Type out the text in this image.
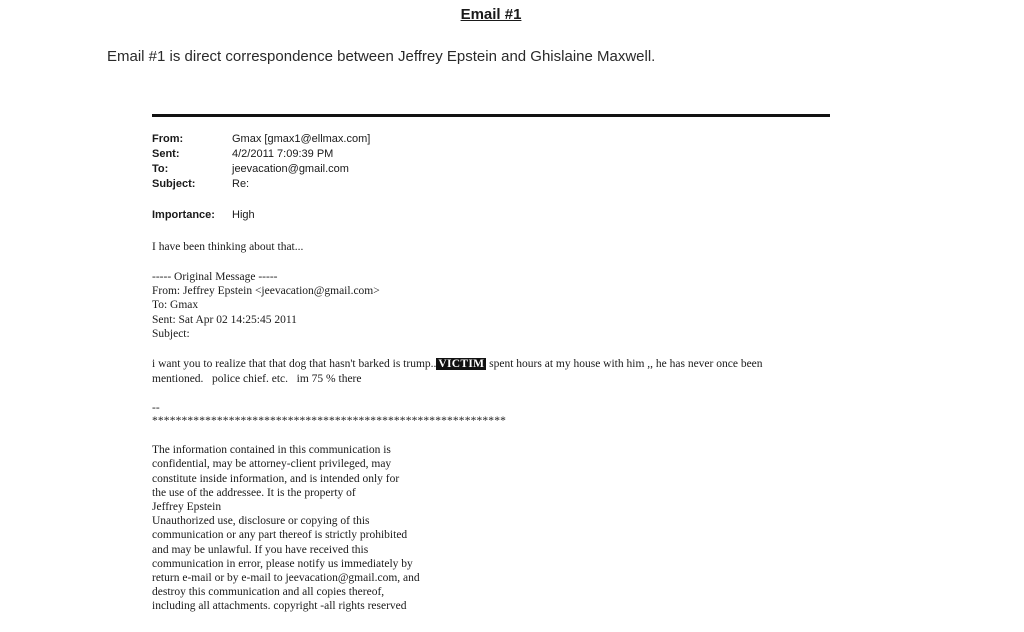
Email #1
Email #1 is direct correspondence between Jeffrey Epstein and Ghislaine Maxwell.
From:	Gmax [gmax1@ellmax.com]
Sent:	4/2/2011 7:09:39 PM
To:	jeevacation@gmail.com
Subject:	Re:
Importance: High
I have been thinking about that...
----- Original Message -----
From: Jeffrey Epstein <jeevacation@gmail.com>
To: Gmax
Sent: Sat Apr 02 14:25:45 2011
Subject:
i want you to realize that that dog that hasn't barked is trump.. VICTIM spent hours at my house with him ,, he has never once been
mentioned.   police chief. etc.   im 75 % there
--
************************************************************

The information contained in this communication is
confidential, may be attorney-client privileged, may
constitute inside information, and is intended only for
the use of the addressee. It is the property of
Jeffrey Epstein
Unauthorized use, disclosure or copying of this
communication or any part thereof is strictly prohibited
and may be unlawful. If you have received this
communication in error, please notify us immediately by
return e-mail or by e-mail to jeevacation@gmail.com, and
destroy this communication and all copies thereof,
including all attachments. copyright -all rights reserved
